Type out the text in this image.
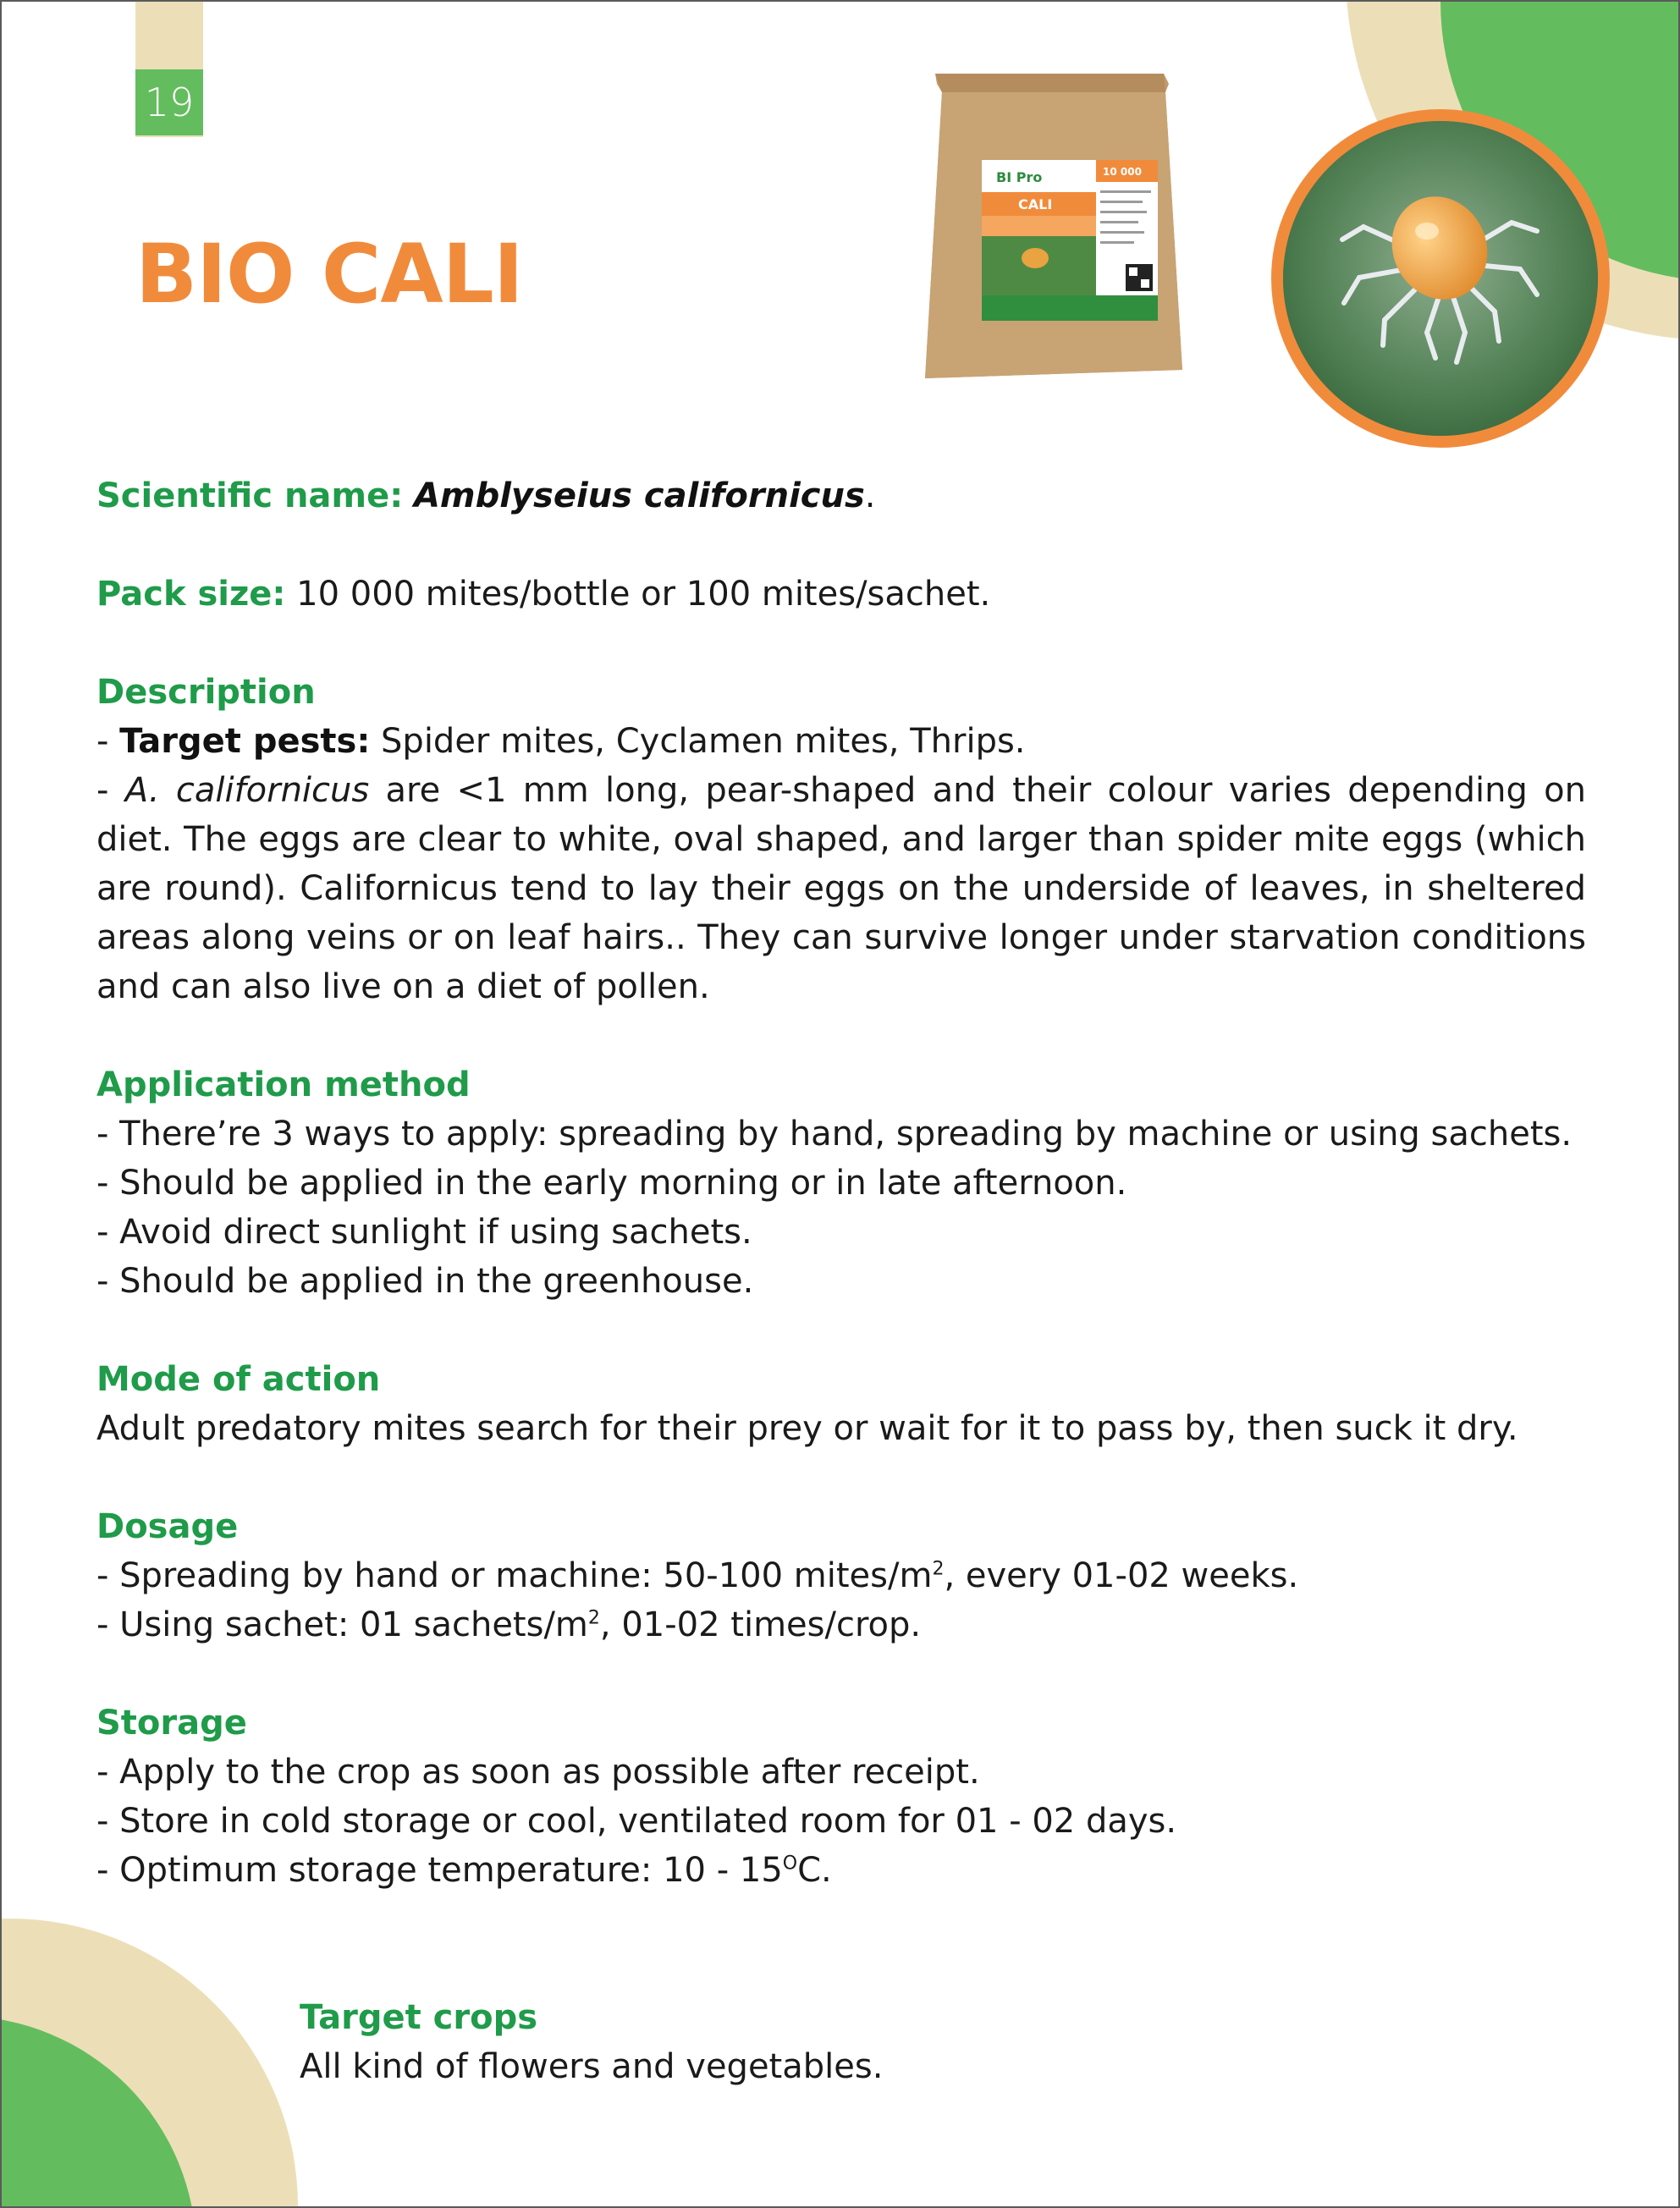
19
BIO CALI
BI Pro
CALI
10 000

Scientific name: Amblyseius californicus.

Pack size: 10 000 mites/bottle or 100 mites/sachet.

Description

- Target pests: Spider mites, Cyclamen mites, Thrips.

- A. californicus are <1 mm long, pear-shaped and their colour varies depending on diet. The eggs are clear to white, oval shaped, and larger than spider mite eggs (which are round). Californicus tend to lay their eggs on the underside of leaves, in sheltered areas along veins or on leaf hairs.. They can survive longer under starvation conditions and can also live on a diet of pollen.

Application method

- There’re 3 ways to apply: spreading by hand, spreading by machine or using sachets.

- Should be applied in the early morning or in late afternoon.

- Avoid direct sunlight if using sachets.

- Should be applied in the greenhouse.

Mode of action

Adult predatory mites search for their prey or wait for it to pass by, then suck it dry.

Dosage

- Spreading by hand or machine: 50-100 mites/$m^2$, every 01-02 weeks.

- Using sachet: 01 sachets/$m^2$, 01-02 times/crop.

Storage

- Apply to the crop as soon as possible after receipt.

- Store in cold storage or cool, ventilated room for 01 - 02 days.

- Optimum storage temperature: $10 - 15^OC$.

Target crops

All kind of flowers and vegetables.
